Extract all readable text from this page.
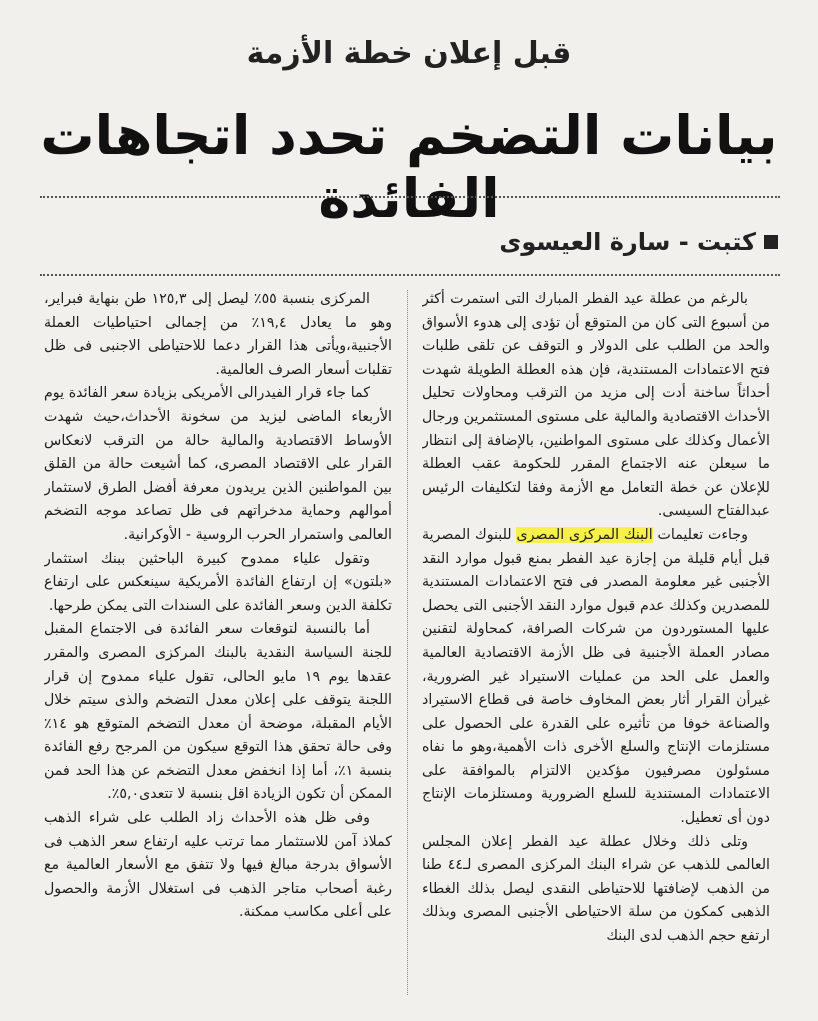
قبل إعلان خطة الأزمة
بيانات التضخم تحدد اتجاهات الفائدة
كتبت - سارة العيسوى

بالرغم من عطلة عيد الفطر المبارك التى استمرت أكثر من أسبوع التى كان من المتوقع أن تؤدى إلى هدوء الأسواق والحد من الطلب على الدولار و التوقف عن تلقى طلبات فتح الاعتمادات المستندية، فإن هذه العطلة الطويلة شهدت أحداثاً ساخنة أدت إلى مزيد من الترقب ومحاولات تحليل الأحداث الاقتصادية والمالية على مستوى المستثمرين ورجال الأعمال وكذلك على مستوى المواطنين، بالإضافة إلى انتظار ما سيعلن عنه الاجتماع المقرر للحكومة عقب العطلة للإعلان عن خطة التعامل مع الأزمة وفقا لتكليفات الرئيس عبدالفتاح السيسى.

وجاءت تعليمات البنك المركزى المصرى للبنوك المصرية قبل أيام قليلة من إجازة عيد الفطر بمنع قبول موارد النقد الأجنبى غير معلومة المصدر فى فتح الاعتمادات المستندية للمصدرين وكذلك عدم قبول موارد النقد الأجنبى التى يحصل عليها المستوردون من شركات الصرافة، كمحاولة لتقنين مصادر العملة الأجنبية فى ظل الأزمة الاقتصادية العالمية والعمل على الحد من عمليات الاستيراد غير الضرورية، غيرأن القرار أثار بعض المخاوف خاصة فى قطاع الاستيراد والصناعة خوفا من تأثيره على القدرة على الحصول على مستلزمات الإنتاج والسلع الأخرى ذات الأهمية،وهو ما نفاه مسئولون مصرفيون مؤكدين الالتزام بالموافقة على الاعتمادات المستندية للسلع الضرورية ومستلزمات الإنتاج دون أى تعطيل.

وتلى ذلك وخلال عطلة عيد الفطر إعلان المجلس العالمى للذهب عن شراء البنك المركزى المصرى لـ٤٤ طنا من الذهب لإضافتها للاحتياطى النقدى ليصل بذلك الغطاء الذهبى كمكون من سلة الاحتياطى الأجنبى المصرى وبذلك ارتفع حجم الذهب لدى البنك

المركزى بنسبة ٥٥٪ ليصل إلى ١٢٥,٣ طن بنهاية فبراير، وهو ما يعادل ١٩,٤٪ من إجمالى احتياطيات العملة الأجنبية،ويأتى هذا القرار دعما للاحتياطى الاجنبى فى ظل تقلبات أسعار الصرف العالمية.

كما جاء قرار الفيدرالى الأمريكى بزيادة سعر الفائدة يوم الأربعاء الماضى ليزيد من سخونة الأحداث،حيث شهدت الأوساط الاقتصادية والمالية حالة من الترقب لانعكاس القرار على الاقتصاد المصرى، كما أشيعت حالة من القلق بين المواطنين الذين يريدون معرفة أفضل الطرق لاستثمار أموالهم وحماية مدخراتهم فى ظل تصاعد موجه التضخم العالمى واستمرار الحرب الروسية - الأوكرانية.

وتقول علياء ممدوح كبيرة الباحثين ببنك استثمار «بلتون» إن ارتفاع الفائدة الأمريكية سينعكس على ارتفاع تكلفة الدين وسعر الفائدة على السندات التى يمكن طرحها.

أما بالنسبة لتوقعات سعر الفائدة فى الاجتماع المقبل للجنة السياسة النقدية بالبنك المركزى المصرى والمقرر عقدها يوم ١٩ مايو الحالى، تقول علياء ممدوح إن قرار اللجنة يتوقف على إعلان معدل التضخم والذى سيتم خلال الأيام المقبلة، موضحة أن معدل التضخم المتوقع هو ١٤٪ وفى حالة تحقق هذا التوقع سيكون من المرجح رفع الفائدة بنسبة ١٪، أما إذا انخفض معدل التضخم عن هذا الحد فمن الممكن أن تكون الزيادة اقل بنسبة لا تتعدى٥,٠٪.

وفى ظل هذه الأحداث زاد الطلب على شراء الذهب كملاذ آمن للاستثمار مما ترتب عليه ارتفاع سعر الذهب فى الأسواق بدرجة مبالغ فيها ولا تتفق مع الأسعار العالمية مع رغبة أصحاب متاجر الذهب فى استغلال الأزمة والحصول على أعلى مكاسب ممكنة.
